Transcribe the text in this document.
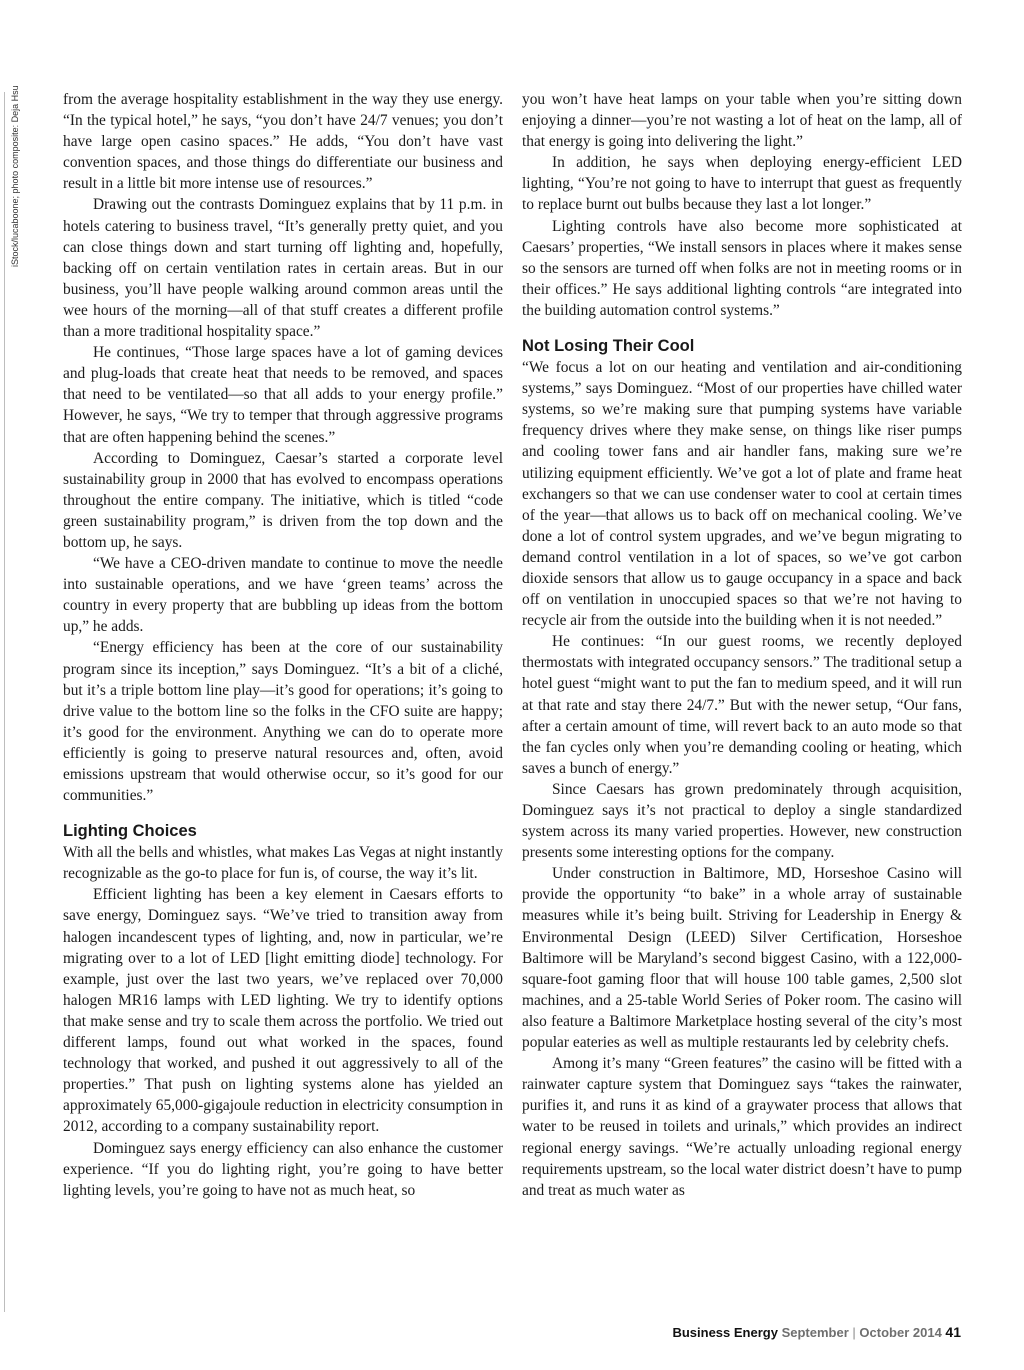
iStock/lucaboone; photo composite: Deja Hsu	from the average hospitality establishment in the way they use energy. “In the typical hotel,” he says, “you don’t have 24/7 venues; you don’t have large open casino spaces.” He adds, “You don’t have vast convention spaces, and those things do differentiate our business and result in a little bit more intense use of resources.”

Drawing out the contrasts Dominguez explains that by 11 p.m. in hotels catering to business travel, “It’s generally pretty quiet, and you can close things down and start turning off lighting and, hopefully, backing off on certain ventilation rates in certain areas. But in our business, you’ll have people walking around common areas until the wee hours of the morning—all of that stuff creates a different profile than a more traditional hospitality space.”

He continues, “Those large spaces have a lot of gaming devices and plug-loads that create heat that needs to be removed, and spaces that need to be ventilated—so that all adds to your energy profile.” However, he says, “We try to temper that through aggressive programs that are often happening behind the scenes.”

According to Dominguez, Caesar’s started a corporate level sustainability group in 2000 that has evolved to encompass operations throughout the entire company. The initiative, which is titled “code green sustainability program,” is driven from the top down and the bottom up, he says.

“We have a CEO-driven mandate to continue to move the needle into sustainable operations, and we have ‘green teams’ across the country in every property that are bubbling up ideas from the bottom up,” he adds.

“Energy efficiency has been at the core of our sustainability program since its inception,” says Dominguez. “It’s a bit of a cliché, but it’s a triple bottom line play—it’s good for operations; it’s going to drive value to the bottom line so the folks in the CFO suite are happy; it’s good for the environment. Anything we can do to operate more efficiently is going to preserve natural resources and, often, avoid emissions upstream that would otherwise occur, so it’s good for our communities.”

Lighting Choices

With all the bells and whistles, what makes Las Vegas at night instantly recognizable as the go-to place for fun is, of course, the way it’s lit.

Efficient lighting has been a key element in Caesars efforts to save energy, Dominguez says. “We’ve tried to transition away from halogen incandescent types of lighting, and, now in particular, we’re migrating over to a lot of LED [light emitting diode] technology. For example, just over the last two years, we’ve replaced over 70,000 halogen MR16 lamps with LED lighting. We try to identify options that make sense and try to scale them across the portfolio. We tried out different lamps, found out what worked in the spaces, found technology that worked, and pushed it out aggressively to all of the properties.” That push on lighting systems alone has yielded an approximately 65,000-gigajoule reduction in electricity consumption in 2012, according to a company sustainability report.

Dominguez says energy efficiency can also enhance the customer experience. “If you do lighting right, you’re going to have better lighting levels, you’re going to have not as much heat, so

you won’t have heat lamps on your table when you’re sitting down enjoying a dinner—you’re not wasting a lot of heat on the lamp, all of that energy is going into delivering the light.”

In addition, he says when deploying energy-efficient LED lighting, “You’re not going to have to interrupt that guest as frequently to replace burnt out bulbs because they last a lot longer.”

Lighting controls have also become more sophisticated at Caesars’ properties, “We install sensors in places where it makes sense so the sensors are turned off when folks are not in meeting rooms or in their offices.” He says additional lighting controls “are integrated into the building automation control systems.”

Not Losing Their Cool

“We focus a lot on our heating and ventilation and air-conditioning systems,” says Dominguez. “Most of our properties have chilled water systems, so we’re making sure that pumping systems have variable frequency drives where they make sense, on things like riser pumps and cooling tower fans and air handler fans, making sure we’re utilizing equipment efficiently. We’ve got a lot of plate and frame heat exchangers so that we can use condenser water to cool at certain times of the year—that allows us to back off on mechanical cooling. We’ve done a lot of control system upgrades, and we’ve begun migrating to demand control ventilation in a lot of spaces, so we’ve got carbon dioxide sensors that allow us to gauge occupancy in a space and back off on ventilation in unoccupied spaces so that we’re not having to recycle air from the outside into the building when it is not needed.”

He continues: “In our guest rooms, we recently deployed thermostats with integrated occupancy sensors.” The traditional setup a hotel guest “might want to put the fan to medium speed, and it will run at that rate and stay there 24/7.” But with the newer setup, “Our fans, after a certain amount of time, will revert back to an auto mode so that the fan cycles only when you’re demanding cooling or heating, which saves a bunch of energy.”

Since Caesars has grown predominately through acquisition, Dominguez says it’s not practical to deploy a single standardized system across its many varied properties. However, new construction presents some interesting options for the company.

Under construction in Baltimore, MD, Horseshoe Casino will provide the opportunity “to bake” in a whole array of sustainable measures while it’s being built. Striving for Leadership in Energy & Environmental Design (LEED) Silver Certification, Horseshoe Baltimore will be Maryland’s second biggest Casino, with a 122,000-square-foot gaming floor that will house 100 table games, 2,500 slot machines, and a 25-table World Series of Poker room. The casino will also feature a Baltimore Marketplace hosting several of the city’s most popular eateries as well as multiple restaurants led by celebrity chefs.

Among it’s many “Green features” the casino will be fitted with a rainwater capture system that Dominguez says “takes the rainwater, purifies it, and runs it as kind of a graywater process that allows that water to be reused in toilets and urinals,” which provides an indirect regional energy savings. “We’re actually unloading regional energy requirements upstream, so the local water district doesn’t have to pump and treat as much water as

Business Energy September | October 2014 41
